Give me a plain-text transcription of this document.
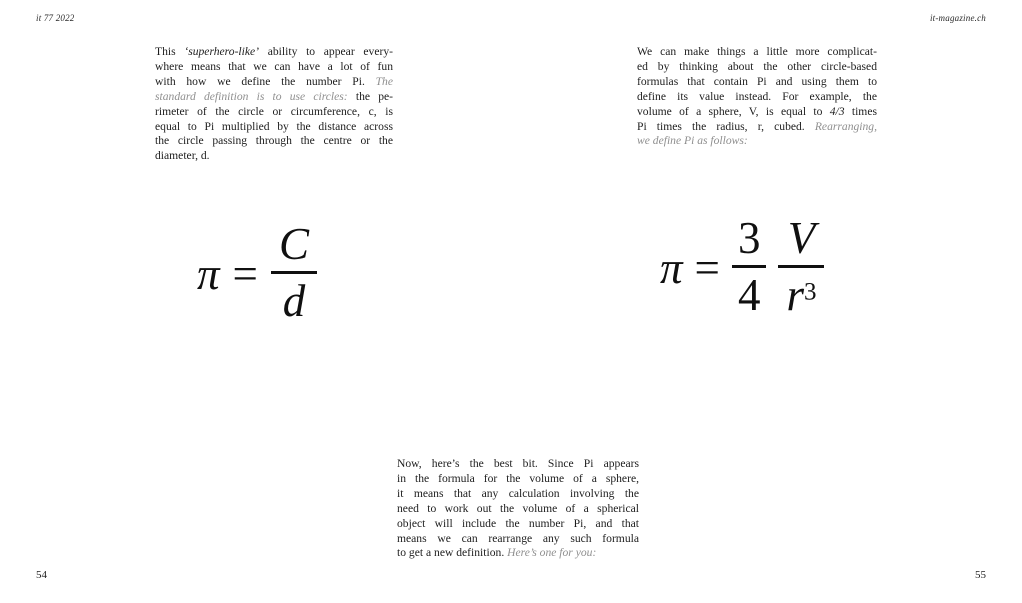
it 77 2022	it-magazine.ch
This ‘superhero-like’ ability to appear every-
where means that we can have a lot of fun
with how we define the number Pi. The
standard definition is to use circles: the pe-
rimeter of the circle or circumference, c, is
equal to Pi multiplied by the distance across
the circle passing through the centre or the
diameter, d.
We can make things a little more complicat-
ed by thinking about the other circle-based
formulas that contain Pi and using them to
define its value instead. For example, the
volume of a sphere, V, is equal to 4/3 times
Pi times the radius, r, cubed. Rearranging,
we define Pi as follows:
Now, here’s the best bit. Since Pi appears
in the formula for the volume of a sphere,
it means that any calculation involving the
need to work out the volume of a spherical
object will include the number Pi, and that
means we can rearrange any such formula
to get a new definition. Here’s one for you:
$\pi = \frac{C}{d}$	$\pi = \frac{3}{4} \frac{V}{r^3}$
54	55
